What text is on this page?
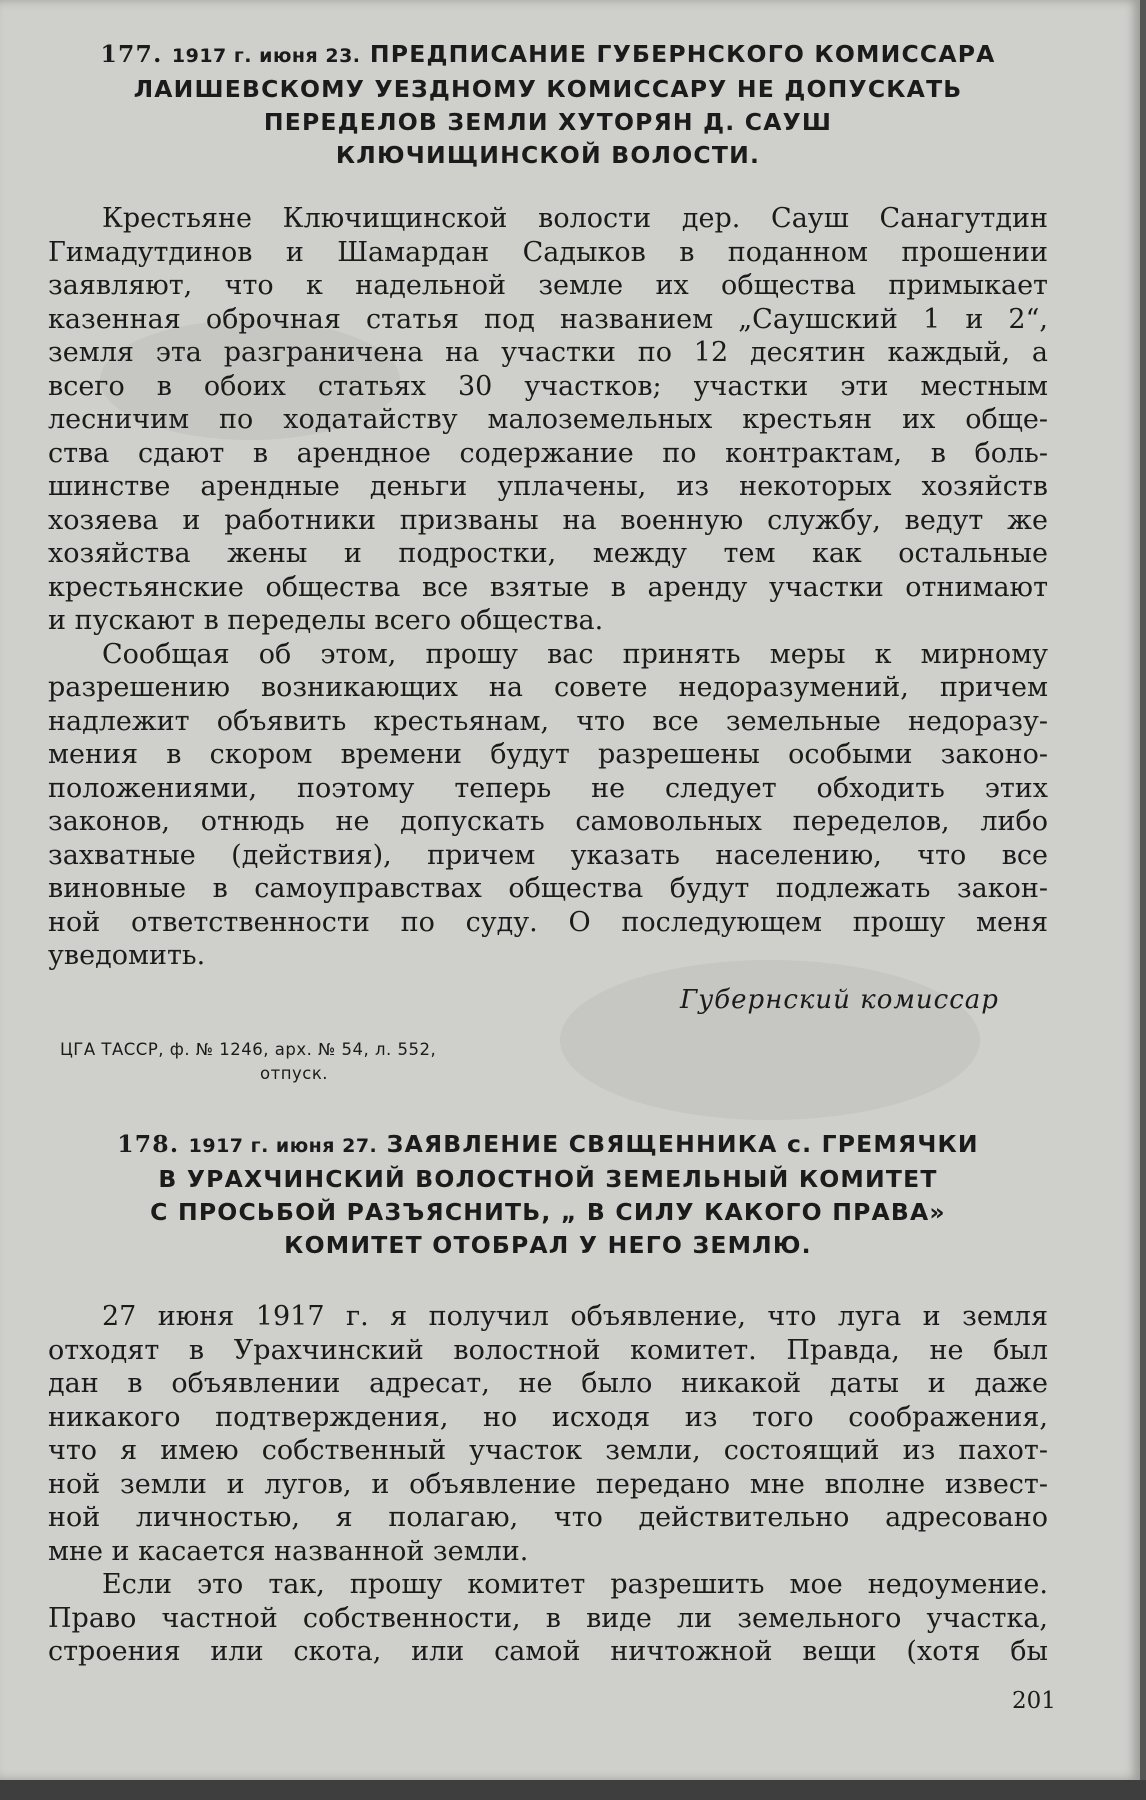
177. 1917 г. июня 23. ПРЕДПИСАНИЕ ГУБЕРНСКОГО КОМИССАРА
ЛАИШЕВСКОМУ УЕЗДНОМУ КОМИССАРУ НЕ ДОПУСКАТЬ
ПЕРЕДЕЛОВ ЗЕМЛИ ХУТОРЯН Д. САУШ
КЛЮЧИЩИНСКОЙ ВОЛОСТИ.
Крестьяне Ключищинской волости дер. Сауш Санагутдин
Гимадутдинов и Шамардан Садыков в поданном прошении
заявляют, что к надельной земле их общества примыкает
казенная оброчная статья под названием „Саушский 1 и 2“,
земля эта разграничена на участки по 12 десятин каждый, а
всего в обоих статьях 30 участков; участки эти местным
лесничим по ходатайству малоземельных крестьян их обще-
ства сдают в арендное содержание по контрактам, в боль-
шинстве арендные деньги уплачены, из некоторых хозяйств
хозяева и работники призваны на военную службу, ведут же
хозяйства жены и подростки, между тем как остальные
крестьянские общества все взятые в аренду участки отнимают
и пускают в переделы всего общества.
Сообщая об этом, прошу вас принять меры к мирному
разрешению возникающих на совете недоразумений, причем
надлежит объявить крестьянам, что все земельные недоразу-
мения в скором времени будут разрешены особыми законо-
положениями, поэтому теперь не следует обходить этих
законов, отнюдь не допускать самовольных переделов, либо
захватные (действия), причем указать населению, что все
виновные в самоуправствах общества будут подлежать закон-
ной ответственности по суду. О последующем прошу меня
уведомить.

Губернский комиссар

ЦГА ТАССР, ф. № 1246, арх. № 54, л. 552,
отпуск.

178. 1917 г. июня 27. ЗАЯВЛЕНИЕ СВЯЩЕННИКА с. ГРЕМЯЧКИ
В УРАХЧИНСКИЙ ВОЛОСТНОЙ ЗЕМЕЛЬНЫЙ КОМИТЕТ
С ПРОСЬБОЙ РАЗЪЯСНИТЬ, „ В СИЛУ КАКОГО ПРАВА»
КОМИТЕТ ОТОБРАЛ У НЕГО ЗЕМЛЮ.
27 июня 1917 г. я получил объявление, что луга и земля
отходят в Урахчинский волостной комитет. Правда, не был
дан в объявлении адресат, не было никакой даты и даже
никакого подтверждения, но исходя из того соображения,
что я имею собственный участок земли, состоящий из пахот-
ной земли и лугов, и объявление передано мне вполне извест-
ной личностью, я полагаю, что действительно адресовано
мне и касается названной земли.
Если это так, прошу комитет разрешить мое недоумение.
Право частной собственности, в виде ли земельного участка,
строения или скота, или самой ничтожной вещи (хотя бы

201
